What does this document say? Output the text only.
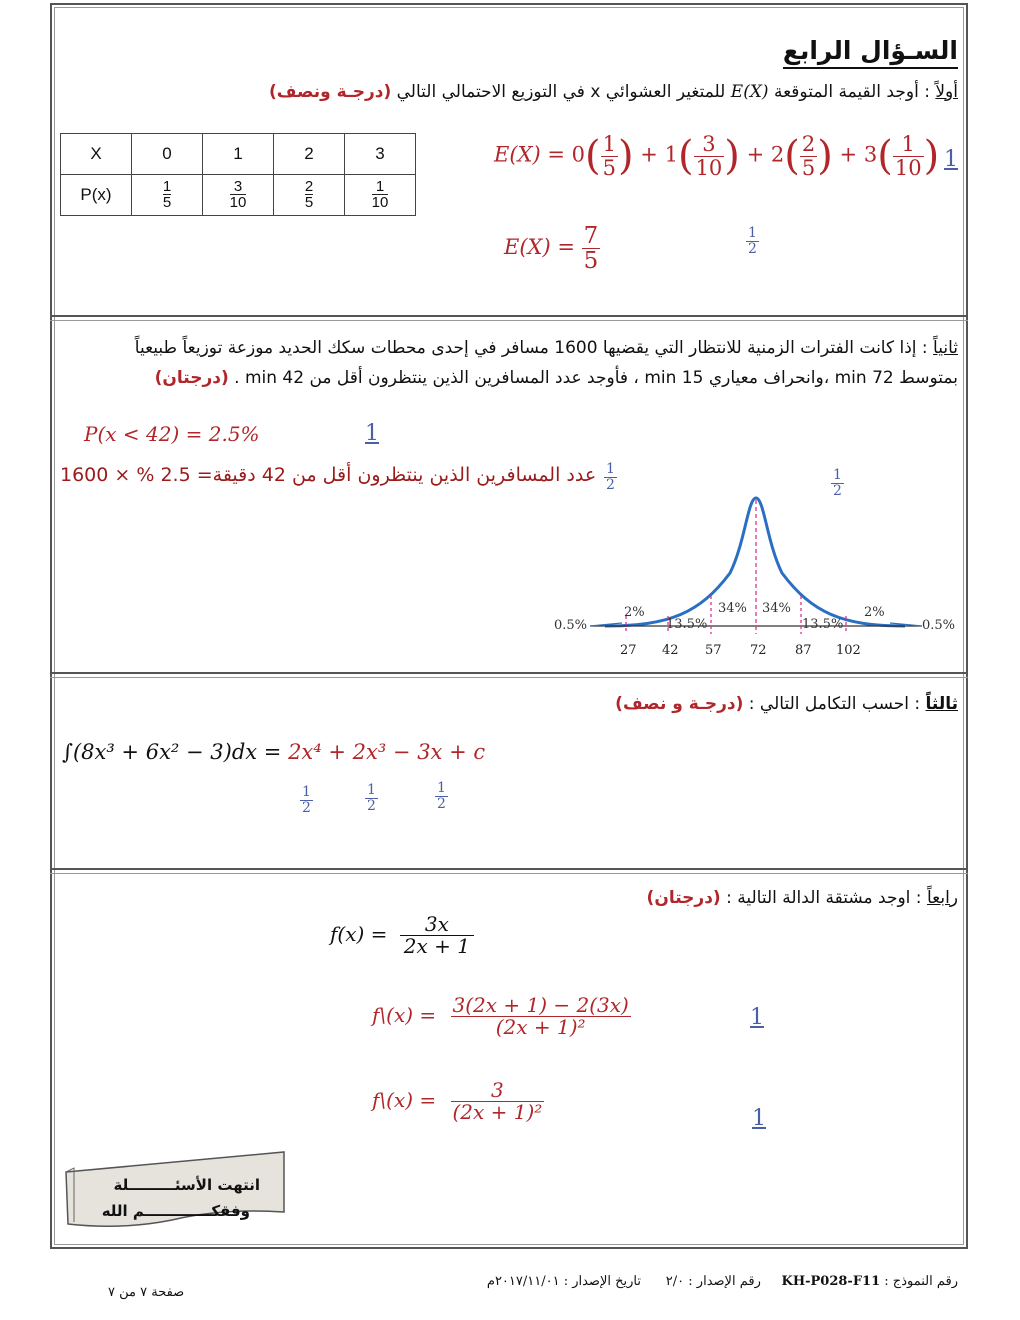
السـؤال الرابع
أولاً : أوجد القيمة المتوقعة E(X) للمتغير العشوائي x في التوزيع الاحتمالي التالي (درجـة ونصف)
X	0	1	2	3
P(x)	$\frac{1}{5}$	$\frac{3}{10}$	$\frac{2}{5}$	$\frac{1}{10}$
$E(X) = 0( \frac{1}{5}$ ) + $1( \frac{3}{10}$ ) + $2( \frac{2}{5}$ ) + $3( \frac{1}{10}$ ) 1
$E(X) = \frac{7}{5}$	$\frac{1}{2}$
ثانياً : إذا كانت الفترات الزمنية للانتظار التي يقضيها 1600 مسافر في إحدى محطات سكك الحديد موزعة توزيعاً طبيعياً
بمتوسط 72 min ،وانحراف معياري 15 min ، فأوجد عدد المسافرين الذين ينتظرون أقل من 42 min . (درجتان)
P(x < 42) = 2.5%	1
عدد المسافرين الذين ينتظرون أقل من 42 دقيقة= 2.5 % × $1600 \frac{1}{2}$	$\frac{1}{2}$
27 42 57 72 87 102
0.5%
2%
13.5%
34% 34%
13.5%
2%
0.5%
ثالثاً : احسب التكامل التالي : (درجـة و نصف)
∫(8x³ + 6x² − 3)dx = 2x⁴ + 2x³ − 3x + c
$\frac{1}{2}$	$\frac{1}{2}$	$\frac{1}{2}$
رابعاً : اوجد مشتقة الدالة التالية : (درجتان)
$f(x) = \frac{3x}{2x + 1}$
f\(x) = $\frac{3(2x + 1) - 2(3x)}{\text{(2x + 1)²}}$	1
f\(x) = $\frac{3}{\text{(2x + 1)²}}$	1
انتهت الأسئـــــــــلة
وفقكـــــــــــــم الله
رقم النموذج : KH-P028-F11     رقم الإصدار : ٢/٠      تاريخ الإصدار : ٢٠١٧/١١/٠١م
صفحة ٧ من ٧
